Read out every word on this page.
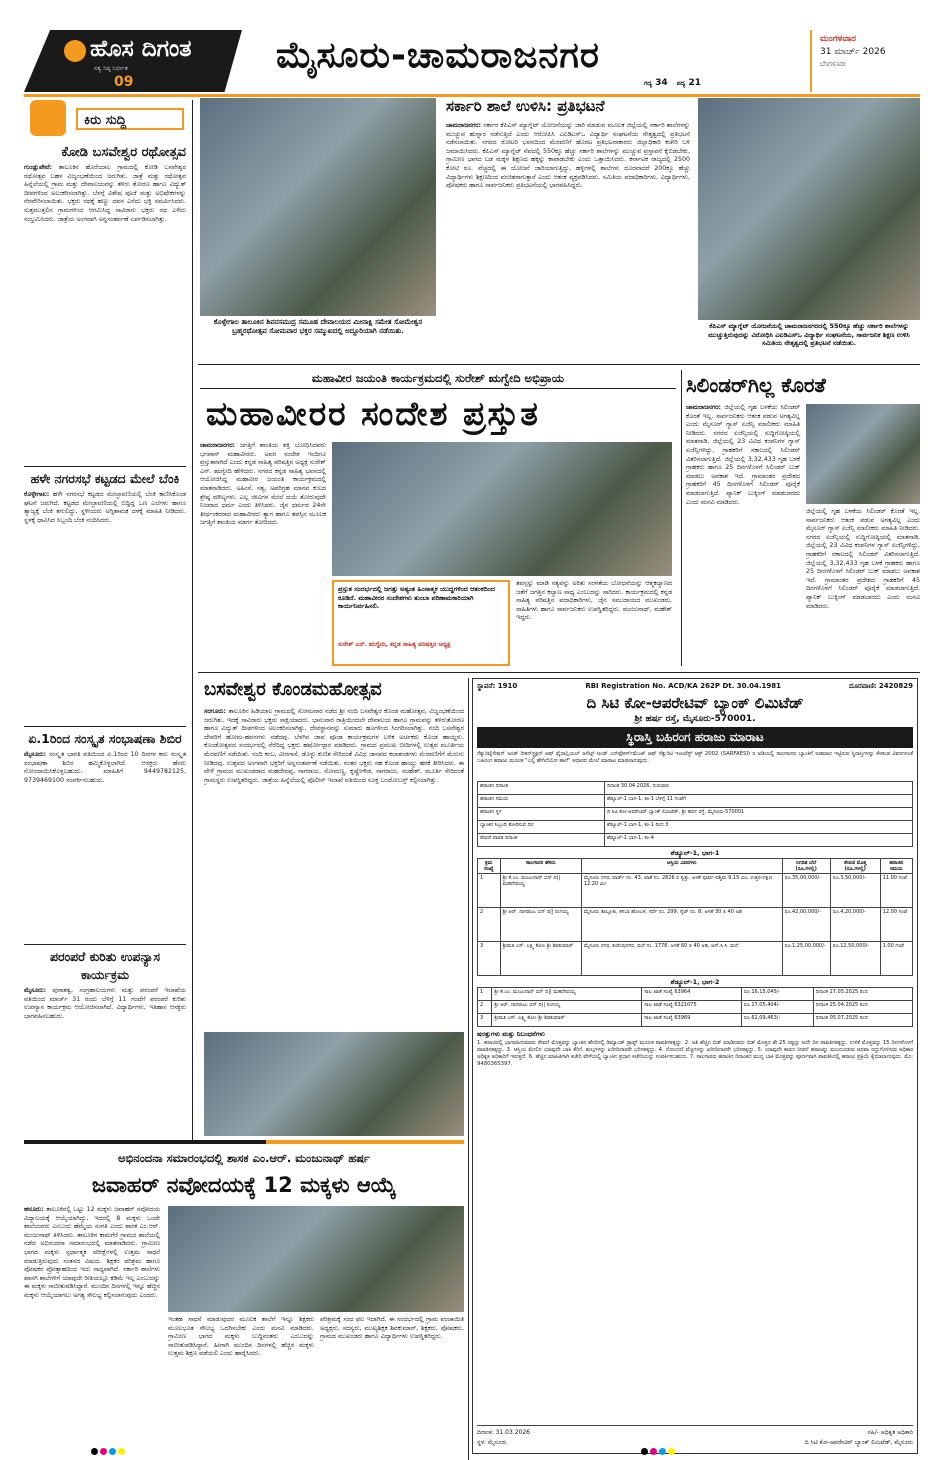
ಹೊಸ ದಿಗಂತ
ಸತ್ಯ ನಿಷ್ಠ ನಿರ್ಭೀತ
09
ಮೈಸೂರು-ಚಾಮರಾಜನಗರ
ಗದ್ಯ 34 ಪದ್ಯ 21
ಮಂಗಳವಾರ
31 ಮಾರ್ಚ್ 2026
ಬೆಂಗಳೂರು
ಕಿರು ಸುದ್ದಿ
ಕೋಡಿ ಬಸವೇಶ್ವರ ರಥೋತ್ಸವ
ಗುಂಡ್ಲುಪೇಟೆ: ತಾಲೂಕಿನ ಹೊರೆಯಾಲ ಗ್ರಾಮದಲ್ಲಿ ಕೋಡಿ ಬಸವೇಶ್ವರ ರಥೋತ್ಸವ ಬಹಳ ವಿಜೃಂಭಣೆಯಿಂದ ಜರುಗಿತು. ಜಾತ್ರೆ ಮತ್ತು ರಥೋತ್ಸವ ಹಿನ್ನೆಲೆಯಲ್ಲಿ ಗ್ರಾಮ ಮತ್ತು ದೇವಾಲಯವನ್ನು ತಳಿರು ತೋರಣ ಹಾಗೂ ವಿದ್ಯುತ್ ದೀಪಗಳಿಂದ ಅಲಂಕರಿಸಲಾಗಿತ್ತು. ಬೆಳಗ್ಗೆ ವಿಶೇಷ ಪೂಜೆ ಮತ್ತು ಅಭಿಷೇಕಗಳನ್ನು ನೆರವೇರಿಸಲಾಯಿತು. ಭಕ್ತರು ರಥಕ್ಕೆ ಹಣ್ಣು ದವನ ಎಸೆದು ಭಕ್ತಿ ಸಮರ್ಪಿಸಿದರು. ಸುತ್ತಮುತ್ತಲಿನ ಗ್ರಾಮಗಳಿಂದ ಆಗಮಿಸಿದ್ದ ಸಾವಿರಾರು ಭಕ್ತರು ರಥ ಎಳೆದು ಸಂಭ್ರಮಿಸಿದರು. ಜಾತ್ರೆಯ ಅಂಗವಾಗಿ ಅನ್ನಸಂತರ್ಪಣೆ ಏರ್ಪಡಿಸಲಾಗಿತ್ತು.
ಹಳೇ ನಗರಸಭೆ ಕಟ್ಟಡದ ಮೇಲೆ ಬೆಂಕಿ
ಕೊಳ್ಳೇಗಾಲ: ಹಳೇ ನಗರಸಭೆ ಕಟ್ಟಡದ ಮೇಲ್ಛಾವಣಿಯಲ್ಲಿ ಬೆಂಕಿ ಕಾಣಿಸಿಕೊಂಡ ಘಟನೆ ಜರುಗಿದೆ. ಕಟ್ಟಡದ ಮೇಲ್ಛಾವಣಿಯಲ್ಲಿ ಬಿದ್ದಿದ್ದ ಒಣ ಎಲೆಗಳು ಹಾಗೂ ತ್ಯಾಜ್ಯಕ್ಕೆ ಬೆಂಕಿ ತಗುಲಿದ್ದು, ಸ್ಥಳೀಯರು ಅಗ್ನಿಶಾಮಕ ದಳಕ್ಕೆ ಮಾಹಿತಿ ನೀಡಿದರು. ಸ್ಥಳಕ್ಕೆ ಧಾವಿಸಿದ ಸಿಬ್ಬಂದಿ ಬೆಂಕಿ ನಂದಿಸಿದರು.
ಏ.1ರಿಂದ ಸಂಸ್ಕೃತ ಸಂಭಾಷಣಾ ಶಿಬಿರ
ಮೈಸೂರು: ಸಂಸ್ಕೃತ ಭಾರತಿ ವತಿಯಿಂದ ಏ.1ರಿಂದ 10 ದಿನಗಳ ಕಾಲ ಸಂಸ್ಕೃತ ಸಂಭಾಷಣಾ ಶಿಬಿರ ಹಮ್ಮಿಕೊಳ್ಳಲಾಗಿದೆ. ಆಸಕ್ತರು ಹೆಸರು ನೋಂದಾಯಿಸಿಕೊಳ್ಳಬಹುದು. ಮಾಹಿತಿಗೆ 9449782125, 9739469100 ಸಂಪರ್ಕಿಸಬಹುದು.
ಪರಂಪರೆ ಕುರಿತು ಉಪನ್ಯಾಸ ಕಾರ್ಯಕ್ರಮ
ಮೈಸೂರು: ಪುರಾತತ್ವ, ಸಂಗ್ರಹಾಲಯಗಳು ಮತ್ತು ಪರಂಪರೆ ಇಲಾಖೆಯ ವತಿಯಿಂದ ಮಾರ್ಚ್ 31 ರಂದು ಬೆಳಿಗ್ಗೆ 11 ಗಂಟೆಗೆ ಪರಂಪರೆ ಕುರಿತು ಉಪನ್ಯಾಸ ಕಾರ್ಯಕ್ರಮ ಆಯೋಜಿಸಲಾಗಿದೆ. ವಿದ್ಯಾರ್ಥಿಗಳು, ಇತಿಹಾಸ ಆಸಕ್ತರು ಭಾಗವಹಿಸಬಹುದು.
ಕೊಳ್ಳೇಗಾಲ ತಾಲೂಕಿನ ಶಿವನಸಮುದ್ರ ಸಮೂಹ ದೇವಾಲಯದ ಮೀನಾಕ್ಷಿ ಸಮೇತ ಸೋಮೇಶ್ವರ ಬ್ರಹ್ಮರಥೋತ್ಸವ ಸೋಮವಾರ ಭಕ್ತರ ಸಮ್ಮುಖದಲ್ಲಿ ಅದ್ದೂರಿಯಾಗಿ ನಡೆಯಿತು.
ಸರ್ಕಾರಿ ಶಾಲೆ ಉಳಿಸಿ: ಪ್ರತಿಭಟನೆ
ಚಾಮರಾಜನಗರ: ಸರ್ಕಾರ ಕೆಪಿಎಸ್ ಮ್ಯಾಗ್ನೆಟ್ ಯೋಜನೆಯನ್ನು ಜಾರಿ ಮಾಡುವ ಮೂಲಕ ಜಿಲ್ಲೆಯಲ್ಲಿ ಸರ್ಕಾರಿ ಶಾಲೆಗಳನ್ನು ಮುಚ್ಚುವ ಹುನ್ನಾರ ನಡೆಸುತ್ತಿದೆ ಎಂದು ಆರೋಪಿಸಿ ಎಐಡಿಎಸ್ಒ ವಿದ್ಯಾರ್ಥಿ ಸಂಘಟನೆಯ ನೇತೃತ್ವದಲ್ಲಿ ಪ್ರತಿಭಟನೆ ನಡೆಸಲಾಯಿತು. ನಗರದ ರೋಟರಿ ಭವನದಿಂದ ಮೆರವಣಿಗೆ ಹೊರಟ ಪ್ರತಿಭಟನಾಕಾರರು ಜಿಲ್ಲಾಧಿಕಾರಿ ಕಚೇರಿ ಬಳಿ ಜಮಾಯಿಸಿದರು. ಕೆಪಿಎಸ್ ಮ್ಯಾಗ್ನೆಟ್ ನೆಪದಲ್ಲಿ 550ಕ್ಕೂ ಹೆಚ್ಚು ಸರ್ಕಾರಿ ಶಾಲೆಗಳನ್ನು ಮುಚ್ಚುವ ಪ್ರಸ್ತಾವನೆ ಕೈಬಿಡಬೇಕು, ಗ್ರಾಮೀಣ ಭಾಗದ ಬಡ ಮಕ್ಕಳ ಶಿಕ್ಷಣದ ಹಕ್ಕನ್ನು ಕಾಪಾಡಬೇಕು ಎಂದು ಒತ್ತಾಯಿಸಿದರು. ಕರ್ನಾಟಕ ರಾಜ್ಯದಲ್ಲಿ 2500 ಕೋಟಿ ರೂ. ವೆಚ್ಚದಲ್ಲಿ ಈ ಯೋಜನೆ ಜಾರಿಯಾಗುತ್ತಿದ್ದು, ಹಳ್ಳಿಗಳಲ್ಲಿ ಶಾಲೆಗಳು ದೂರವಾದರೆ 200ಕ್ಕೂ ಹೆಚ್ಚು ವಿದ್ಯಾರ್ಥಿಗಳು ಶಿಕ್ಷಣದಿಂದ ವಂಚಿತರಾಗುತ್ತಾರೆ ಎಂದು ಆತಂಕ ವ್ಯಕ್ತಪಡಿಸಿದರು. ಸಮಿತಿಯ ಪದಾಧಿಕಾರಿಗಳು, ವಿದ್ಯಾರ್ಥಿಗಳು, ಪೋಷಕರು ಹಾಗೂ ಸಾರ್ವಜನಿಕರು ಪ್ರತಿಭಟನೆಯಲ್ಲಿ ಭಾಗವಹಿಸಿದ್ದರು.
ಕೆಪಿಎಸ್ ಮ್ಯಾಗ್ನೆಟ್ ಯೋಜನೆಯಲ್ಲಿ ಚಾಮರಾಜನಗರದಲ್ಲಿ 550ಕ್ಕೂ ಹೆಚ್ಚು ಸರ್ಕಾರಿ ಶಾಲೆಗಳನ್ನು ಮುಚ್ಚುತ್ತಿರುವುದನ್ನು ವಿರೋಧಿಸಿ ಎಐಡಿಎಸ್ಒ ವಿದ್ಯಾರ್ಥಿ ಸಂಘಟನೆಯ, ಸಾರ್ವಜನಿಕ ಶಿಕ್ಷಣ ಉಳಿಸಿ ಸಮಿತಿಯ ನೇತೃತ್ವದಲ್ಲಿ ಪ್ರತಿಭಟನೆ ನಡೆಯಿತು.
ಮಹಾವೀರ ಜಯಂತಿ ಕಾರ್ಯಕ್ರಮದಲ್ಲಿ ಸುರೇಶ್ ಋಗ್ವೇದಿ ಅಭಿಪ್ರಾಯ
ಮಹಾವೀರರ ಸಂದೇಶ ಪ್ರಸ್ತುತ
ಚಾಮರಾಜನಗರ: ಜಗತ್ತಿಗೆ ಶಾಂತಿಯ ಶಕ್ತಿ ಬೋಧಿಸಿದವರು ಭಗವಾನ್ ಮಹಾವೀರರು. ಅವರ ಸಂದೇಶ ಇಂದಿಗೂ ಪ್ರಸ್ತುತವಾಗಿದೆ ಎಂದು ಕನ್ನಡ ಸಾಹಿತ್ಯ ಪರಿಷತ್ತಿನ ಅಧ್ಯಕ್ಷ ಸುರೇಶ್ ಎನ್. ಋಗ್ವೇದಿ ಹೇಳಿದರು. ನಗರದ ಕನ್ನಡ ಸಾಹಿತ್ಯ ಭವನದಲ್ಲಿ ಆಯೋಜಿಸಿದ್ದ ಮಹಾವೀರ ಜಯಂತಿ ಕಾರ್ಯಕ್ರಮದಲ್ಲಿ ಮಾತನಾಡಿದರು. ಅಹಿಂಸೆ, ಸತ್ಯ, ಅಪರಿಗ್ರಹ ಮಾನವ ಕುಲದ ಶ್ರೇಷ್ಠ ಮೌಲ್ಯಗಳು. ಎಲ್ಲ ಜೀವಿಗಳ ಮೇಲೆ ದಯೆ ತೋರುವುದೇ ನಿಜವಾದ ಧರ್ಮ ಎಂದು ತಿಳಿಸಿದರು. ಜೈನ ಧರ್ಮದ 24ನೇ ತೀರ್ಥಂಕರರಾದ ಮಹಾವೀರರು ತ್ಯಾಗ ಹಾಗೂ ತಪಸ್ಸಿನ ಮೂಲಕ ಜಗತ್ತಿಗೆ ಶಾಂತಿಯ ಮಾರ್ಗ ತೋರಿದರು.
ಪ್ರಸ್ತುತ ಸಂದರ್ಭದಲ್ಲಿ ಜಗತ್ತು ಅತ್ಯಂತ ಹಿಂಸಾತ್ಮಕ ಯುದ್ಧಗಳಿಂದ ಆತಂಕದಿಂದ ಕೂಡಿದೆ. ಮಹಾವೀರರ ಸಂದೇಶಗಳು ತುಂಬಾ ಪರಿಣಾಮಕಾರಿಯಾಗಿ ಕಾರ್ಯನಿರ್ವಹಿಸಲಿ.
ಸುರೇಶ್ ಎನ್. ಋಗ್ವೇದಿ, ಕನ್ನಡ ಸಾಹಿತ್ಯ ಪರಿಷತ್ತಿನ ಅಧ್ಯಕ್ಷ
ತಪಸ್ಸನ್ನು ಮಾಡಿ ಸತ್ಯವನ್ನು ಅರಿತು ಸರಳತೆಯ ಬೋಧನೆಯನ್ನು ಆತ್ಮಕಲ್ಯಾಣದ ಜತೆಗೆ ಜಗತ್ತಿನ ಕಲ್ಯಾಣ ಸಾಧ್ಯ ಎಂಬುದನ್ನು ಸಾರಿದರು. ಕಾರ್ಯಕ್ರಮದಲ್ಲಿ ಕನ್ನಡ ಸಾಹಿತ್ಯ ಪರಿಷತ್ತಿನ ಪದಾಧಿಕಾರಿಗಳು, ಜೈನ ಸಮುದಾಯದ ಮುಖಂಡರು, ಸಾಹಿತಿಗಳು ಹಾಗೂ ಸಾರ್ವಜನಿಕರು ಉಪಸ್ಥಿತರಿದ್ದರು. ಮಂಜುನಾಥ್, ಮಹೇಶ್ ಇದ್ದರು.
ಸಿಲಿಂಡರ್‌ಗಿಲ್ಲ ಕೊರತೆ
ಚಾಮರಾಜನಗರ: ಜಿಲ್ಲೆಯಲ್ಲಿ ಗೃಹ ಬಳಕೆಯ ಸಿಲಿಂಡರ್ ಕೊರತೆ ಇಲ್ಲ. ಸಾರ್ವಜನಿಕರು ಆತಂಕ ಪಡುವ ಅಗತ್ಯವಿಲ್ಲ ಎಂದು ಮೈಸೂರ್ ಗ್ಯಾಸ್ ಏಜೆನ್ಸಿ ಮಾಲೀಕರು ಮಾಹಿತಿ ನೀಡಿದರು. ನಗರದ ಏಜೆನ್ಸಿಯಲ್ಲಿ ಸುದ್ದಿಗೋಷ್ಠಿಯಲ್ಲಿ ಮಾತನಾಡಿ, ಜಿಲ್ಲೆಯಲ್ಲಿ 23 ವಿವಿಧ ಕಂಪನಿಗಳ ಗ್ಯಾಸ್ ಏಜೆನ್ಸಿಗಳಿದ್ದು, ಗ್ರಾಹಕರಿಗೆ ಸಕಾಲದಲ್ಲಿ ಸಿಲಿಂಡರ್ ವಿತರಿಸಲಾಗುತ್ತಿದೆ. ಜಿಲ್ಲೆಯಲ್ಲಿ 3,32,433 ಗೃಹ ಬಳಕೆ ಗ್ರಾಹಕರು ಹಾಗೂ 25 ದಿನಗಳೊಳಗೆ ಸಿಲಿಂಡರ್ ಬುಕ್ ಮಾಡಲು ಅವಕಾಶ ಇದೆ. ಗ್ರಾಮಾಂತರ ಪ್ರದೇಶದ ಗ್ರಾಹಕರಿಗೆ 45 ದಿನಗಳೊಳಗೆ ಸಿಲಿಂಡರ್ ಪೂರೈಕೆ ಮಾಡಲಾಗುತ್ತಿದೆ. ಪ್ಯಾನಿಕ್ ಬುಕ್ಕಿಂಗ್ ಮಾಡಬಾರದು ಎಂದು ಮನವಿ ಮಾಡಿದರು.
ಜಿಲ್ಲೆಯಲ್ಲಿ ಗೃಹ ಬಳಕೆಯ ಸಿಲಿಂಡರ್ ಕೊರತೆ ಇಲ್ಲ. ಸಾರ್ವಜನಿಕರು ಆತಂಕ ಪಡುವ ಅಗತ್ಯವಿಲ್ಲ ಎಂದು ಮೈಸೂರ್ ಗ್ಯಾಸ್ ಏಜೆನ್ಸಿ ಮಾಲೀಕರು ಮಾಹಿತಿ ನೀಡಿದರು. ನಗರದ ಏಜೆನ್ಸಿಯಲ್ಲಿ ಸುದ್ದಿಗೋಷ್ಠಿಯಲ್ಲಿ ಮಾತನಾಡಿ, ಜಿಲ್ಲೆಯಲ್ಲಿ 23 ವಿವಿಧ ಕಂಪನಿಗಳ ಗ್ಯಾಸ್ ಏಜೆನ್ಸಿಗಳಿದ್ದು, ಗ್ರಾಹಕರಿಗೆ ಸಕಾಲದಲ್ಲಿ ಸಿಲಿಂಡರ್ ವಿತರಿಸಲಾಗುತ್ತಿದೆ. ಜಿಲ್ಲೆಯಲ್ಲಿ 3,32,433 ಗೃಹ ಬಳಕೆ ಗ್ರಾಹಕರು ಹಾಗೂ 25 ದಿನಗಳೊಳಗೆ ಸಿಲಿಂಡರ್ ಬುಕ್ ಮಾಡಲು ಅವಕಾಶ ಇದೆ. ಗ್ರಾಮಾಂತರ ಪ್ರದೇಶದ ಗ್ರಾಹಕರಿಗೆ 45 ದಿನಗಳೊಳಗೆ ಸಿಲಿಂಡರ್ ಪೂರೈಕೆ ಮಾಡಲಾಗುತ್ತಿದೆ. ಪ್ಯಾನಿಕ್ ಬುಕ್ಕಿಂಗ್ ಮಾಡಬಾರದು ಎಂದು ಮನವಿ ಮಾಡಿದರು.
ಬಸವೇಶ್ವರ ಕೊಂಡಮಹೋತ್ಸವ
ಸರಗೂರು: ತಾಲೂಕಿನ ಹಿಡಿಯಾಲ ಗ್ರಾಮದಲ್ಲಿ ಸೋಮವಾರ ನಡೆದ ಶ್ರೀ ನಂದಿ ಬಸವೇಶ್ವರ ಕೊಂಡ ಮಹೋತ್ಸವ, ವಿಜೃಂಭಣೆಯಿಂದ ಜರುಗಿತು. ಇದಕ್ಕೆ ಸಾವಿರಾರು ಭಕ್ತರು ಸಾಕ್ಷಿಯಾದರು. ಭಾನುವಾರ ರಾತ್ರಿಯಿಂದಲೇ ದೇವಾಲಯ ಹಾಗೂ ಗ್ರಾಮವನ್ನು ತಳಿರುತೋರಣ ಹಾಗೂ ವಿದ್ಯುತ್ ದೀಪಗಳಿಂದ ಅಲಂಕರಿಸಲಾಗಿತ್ತು. ದೇವಸ್ಥಾನವನ್ನು ಸುಮಾರು ಹೂಗಳಿಂದ ಸಿಂಗರಿಸಲಾಗಿತ್ತು. ನಂದಿ ಬಸವೇಶ್ವರ ದೇವರಿಗೆ ಹೋಮ-ಹವನಗಳು ನಡೆದವು. ಬೆಳಗಿನ ಜಾವ ಪೂಜಾ ಕಾರ್ಯಕ್ರಮಗಳ ಬಳಿಕ ಅರ್ಚಕರು ಕೊಂಡ ಹಾಯ್ದರು. ಕೊಂಡೋತ್ಸವದ ಸಂದರ್ಭದಲ್ಲಿ ನೆರೆದಿದ್ದ ಭಕ್ತರು ಹರ್ಷೋದ್ಗಾರ ಮಾಡಿದರು. ಗ್ರಾಮದ ಪ್ರಮುಖ ಬೀದಿಗಳಲ್ಲಿ ಉತ್ಸವ ಮೂರ್ತಿಯ ಮೆರವಣಿಗೆ ನಡೆಯಿತು. ನಂದಿ ಕಂಬ, ವೀರಗಾಸೆ, ಡೊಳ್ಳು ಕುಣಿತ ಸೇರಿದಂತೆ ವಿವಿಧ ಜಾನಪದ ಕಲಾತಂಡಗಳು ಮೆರವಣಿಗೆಗೆ ಮೆರುಗು ನೀಡಿದವು. ಉತ್ಸವದ ಅಂಗವಾಗಿ ಭಕ್ತರಿಗೆ ಅನ್ನಸಂತರ್ಪಣೆ ನಡೆಯಿತು. ನಂತರ ಭಕ್ತರು ಸಹ ಕೊಂಡ ಹಾಯ್ದು ಹರಕೆ ತೀರಿಸಿದರು. ಈ ವೇಳೆ ಗ್ರಾಮದ ಮುಖಂಡರಾದ ಮಹದೇವಪ್ಪ, ನಾಗರಾಜು, ಸೋಮಣ್ಣ, ಕೃಷ್ಣೇಗೌಡ, ನಾಗರಾಜು, ಮಹೇಶ್, ಮೂರ್ತಿ ಸೇರಿದಂತೆ ಗ್ರಾಮಸ್ಥರು ಉಪಸ್ಥಿತರಿದ್ದರು. ಜಾತ್ರೆಯ ಹಿನ್ನೆಲೆಯಲ್ಲಿ ಪೊಲೀಸ್ ಇಲಾಖೆ ವತಿಯಿಂದ ಸೂಕ್ತ ಬಂದೋಬಸ್ತ್ ಕಲ್ಪಿಸಲಾಗಿತ್ತು.
ಸ್ಥಾಪನೆ: 1910	RBI Registration No. ACD/KA 262P Dt. 30.04.1981	ದೂರವಾಣಿ: 2420829
ದಿ ಸಿಟಿ ಕೋ-ಆಪರೇಟಿವ್ ಬ್ಯಾಂಕ್ ಲಿಮಿಟೆಡ್
ಶ್ರೀ ಹರ್ಷ ರಸ್ತೆ, ಮೈಸೂರು-570001.
ಸ್ಥಿರಾಸ್ತಿ ಬಹಿರಂಗ ಹರಾಜು ಮಾರಾಟ
ಸೆಕ್ಯುರಿಟೈಸೇಷನ್ ಅಂಡ್ ರೀಕನ್‌ಸ್ಟ್ರಕ್ಷನ್ ಆಫ್ ಫೈನಾನ್ಷಿಯಲ್ ಅಸೆಟ್ಸ್ ಅಂಡ್ ಎನ್‌ಫೋರ್ಸ್‌ಮೆಂಟ್ ಆಫ್ ಸೆಕ್ಯುರಿಟಿ ಇಂಟರೆಸ್ಟ್ ಆಕ್ಟ್ 2002 (SARFAESI) ರ ಅಡಿಯಲ್ಲಿ ಸಾಲಗಾರರು ಬ್ಯಾಂಕಿಗೆ ಅಡಮಾನ ಇಟ್ಟಿರುವ ಸ್ಥಿರಾಸ್ತಿಗಳನ್ನು ಕೆಳಕಂಡ ವಿವರಗಳಂತೆ ಬಹಿರಂಗ ಹರಾಜು ಮೂಲಕ "ಎಲ್ಲಿ ಹೇಗಿದೆಯೋ ಹಾಗೆ" ಆಧಾರದ ಮೇಲೆ ಮಾರಾಟ ಮಾಡಲಾಗುವುದು.
ಹರಾಜಿನ ದಿನಾಂಕ	ದಿನಾಂಕ 30.04.2026, ಗುರುವಾರ
ಹರಾಜಿನ ಸಮಯ	ಶೆಡ್ಯೂಲ್-1 ಭಾಗ-1, ಕಂ-1 ಬೆಳಿಗ್ಗೆ 11 ಗಂಟೆಗೆ
ಹರಾಜಿನ ಸ್ಥಳ	ದಿ ಸಿಟಿ ಕೋ-ಆಪರೇಟಿವ್ ಬ್ಯಾಂಕ್ ಲಿಮಿಟೆಡ್, ಶ್ರೀ ಹರ್ಷ ರಸ್ತೆ, ಮೈಸೂರು-570001
ಬ್ಯಾಂಕಿನ ಸಿಬ್ಬಂದಿ ತೋರಿಸುವ ದಿನ	ಶೆಡ್ಯೂಲ್-1 ಭಾಗ-1, ಕಂ-1 ರಿಂದ 3
ಠೇವಣಿ ಪಾವತಿ ದಿನಾಂಕ	ಶೆಡ್ಯೂಲ್-1 ಭಾಗ-1, ಕಂ-4
ಶೆಡ್ಯೂಲ್-1, ಭಾಗ-1
ಕ್ರಮ ಸಂಖ್ಯೆ	ಸಾಲಗಾರರ ಹೆಸರು	ಆಸ್ತಿಯ ವಿವರಗಳು	ನಿಗದಿತ ಬೆಲೆ (ರೂ.ಗಳಲ್ಲಿ)	ಠೇವಣಿ ಮೊತ್ತ (ರೂ.ಗಳಲ್ಲಿ)	ಹರಾಜಿನ ಸಮಯ
1	ಶ್ರೀ ಕೆ.ಎಂ. ಮಂಜುನಾಥ್ ಬಿನ್ ದಿ|| ಮಹದೇವಯ್ಯ	ಮೈಸೂರು ನಗರ, ವಾರ್ಡ್ ನಂ. 43, ಖಾತೆ ನಂ. 2826 ರ ಸ್ವತ್ತು, ಅಳತೆ ಪೂರ್ವ-ಪಶ್ಚಿಮ 9.15 ಮೀ, ಉತ್ತರ-ದಕ್ಷಿಣ 12.20 ಮೀ	ರೂ.35,00,000/-	ರೂ.3,50,000/-	11.00 ಗಂಟೆ
2	ಶ್ರೀ ಆರ್. ನಾಗರಾಜು ಬಿನ್ ದಿ|| ರಂಗಯ್ಯ	ಮೈಸೂರು ತಾಲ್ಲೂಕು, ಕಸಬಾ ಹೋಬಳಿ, ಸರ್ವೆ ನಂ. 299, ಸೈಟ್ ನಂ. 8, ಅಳತೆ 30 x 40 ಅಡಿ	ರೂ.42,00,000/-	ರೂ.4,20,000/-	12.00 ಗಂಟೆ
3	ಶ್ರೀಮತಿ ಎಸ್. ಲಕ್ಷ್ಮಿ ಕೋಂ ಶ್ರೀ ಶಿವಕುಮಾರ್	ಮೈಸೂರು ನಗರ, ಕುವೆಂಪುನಗರ, ಮನೆ ನಂ. 1778, ಅಳತೆ 60 x 40 ಅಡಿ, ಆರ್.ಸಿ.ಸಿ. ಮನೆ	ರೂ.1,25,00,000/-	ರೂ.12,50,000/-	1.00 ಗಂಟೆ
ಶೆಡ್ಯೂಲ್-1, ಭಾಗ-2
1	ಶ್ರೀ ಕೆ.ಎಂ. ಮಂಜುನಾಥ್ ಬಿನ್ ದಿ|| ಮಹದೇವಯ್ಯ	ಸಾಲ ಖಾತೆ ಸಂಖ್ಯೆ 63964	ರೂ.16,15,045/-	ದಿನಾಂಕ 27.05.2025 ರಿಂದ
2	ಶ್ರೀ ಆರ್. ನಾಗರಾಜು ಬಿನ್ ದಿ|| ರಂಗಯ್ಯ	ಸಾಲ ಖಾತೆ ಸಂಖ್ಯೆ 6321075	ರೂ.17,05,404/-	ದಿನಾಂಕ 25.04.2025 ರಿಂದ
3	ಶ್ರೀಮತಿ ಎಸ್. ಲಕ್ಷ್ಮಿ ಕೋಂ ಶ್ರೀ ಶಿವಕುಮಾರ್	ಸಾಲ ಖಾತೆ ಸಂಖ್ಯೆ 63969	ರೂ.62,09,463/-	ದಿನಾಂಕ 05.07.2025 ರಿಂದ
ಷರತ್ತುಗಳು ಮತ್ತು ನಿಬಂಧನೆಗಳು
1. ಹರಾಜಿನಲ್ಲಿ ಭಾಗವಹಿಸುವವರು ಠೇವಣಿ ಮೊತ್ತವನ್ನು ಬ್ಯಾಂಕಿನ ಹೆಸರಿನಲ್ಲಿ ಡಿಮ್ಯಾಂಡ್ ಡ್ರಾಫ್ಟ್ ಮೂಲಕ ಪಾವತಿಸತಕ್ಕದ್ದು. 2. ಅತಿ ಹೆಚ್ಚಿನ ಬಿಡ್ ಮಾಡಿದವರು ಬಿಡ್ ಮೊತ್ತದ ಶೇ.25 ರಷ್ಟನ್ನು ಅದೇ ದಿನ ಪಾವತಿಸತಕ್ಕದ್ದು. ಉಳಿಕೆ ಮೊತ್ತವನ್ನು 15 ದಿನಗಳೊಳಗೆ ಪಾವತಿಸತಕ್ಕದ್ದು. 3. ಆಸ್ತಿಯ ಮೇಲಿನ ಯಾವುದೇ ಬಾಕಿ ತೆರಿಗೆ, ಶುಲ್ಕಗಳನ್ನು ಖರೀದಿದಾರರೇ ಭರಿಸತಕ್ಕದ್ದು. 4. ನೋಂದಣಿ ವೆಚ್ಚಗಳನ್ನು ಖರೀದಿದಾರರೇ ಭರಿಸತಕ್ಕದ್ದು. 5. ಯಾವುದೇ ಕಾರಣ ನೀಡದೆ ಹರಾಜನ್ನು ಮುಂದೂಡುವ ಅಥವಾ ರದ್ದುಗೊಳಿಸುವ ಅಧಿಕಾರ ಅಧಿಕೃತ ಅಧಿಕಾರಿಗೆ ಇರುತ್ತದೆ. 6. ಹೆಚ್ಚಿನ ಮಾಹಿತಿಗಾಗಿ ಕಚೇರಿ ವೇಳೆಯಲ್ಲಿ ಬ್ಯಾಂಕಿನ ಪ್ರಧಾನ ಕಚೇರಿಯನ್ನು ಸಂಪರ್ಕಿಸಬಹುದು. 7. ಸಾಲಗಾರರು ಹರಾಜಿನ ದಿನಾಂಕದ ಮುನ್ನ ಬಾಕಿ ಮೊತ್ತವನ್ನು ಪೂರ್ಣವಾಗಿ ಪಾವತಿಸಿದಲ್ಲಿ ಹರಾಜು ಪ್ರಕ್ರಿಯೆ ಕೈಬಿಡಲಾಗುವುದು. ಮೊ: 9480365397.
ದಿನಾಂಕ: 31.03.2026
ಸ್ಥಳ: ಮೈಸೂರು
ಸಹಿ/- ಅಧಿಕೃತ ಅಧಿಕಾರಿ
ದಿ ಸಿಟಿ ಕೋ-ಆಪರೇಟಿವ್ ಬ್ಯಾಂಕ್ ಲಿಮಿಟೆಡ್, ಮೈಸೂರು
ಅಭಿನಂದನಾ ಸಮಾರಂಭದಲ್ಲಿ ಶಾಸಕ ಎಂ.ಆರ್. ಮಂಜುನಾಥ್ ಹರ್ಷ
ಜವಾಹರ್ ನವೋದಯಕ್ಕೆ 12 ಮಕ್ಕಳು ಆಯ್ಕೆ
ಹನೂರು: ತಾಲೂಕಿನಲ್ಲಿ ಒಟ್ಟು 12 ಮಕ್ಕಳು ಜವಾಹರ್ ನವೋದಯ ವಿದ್ಯಾಲಯಕ್ಕೆ ಆಯ್ಕೆಯಾಗಿದ್ದು, ಇದರಲ್ಲಿ 8 ಮಕ್ಕಳು ಒಂದೇ ಶಾಲೆಯವರು ಎಂಬುದು ಹೆಮ್ಮೆಯ ಸಂಗತಿ ಎಂದು ಶಾಸಕ ಎಂ.ಆರ್. ಮಂಜುನಾಥ್ ತಿಳಿಸಿದರು. ತಾಲೂಕಿನ ಕಾಮಗೆರೆ ಗ್ರಾಮದ ಶಾಲೆಯಲ್ಲಿ ನಡೆದ ಅಭಿನಂದನಾ ಸಮಾರಂಭದಲ್ಲಿ ಮಾತನಾಡಿದರು. ಗ್ರಾಮೀಣ ಭಾಗದ ಮಕ್ಕಳು ಸ್ಪರ್ಧಾತ್ಮಕ ಪರೀಕ್ಷೆಗಳಲ್ಲಿ ಉತ್ತಮ ಸಾಧನೆ ಮಾಡುತ್ತಿರುವುದು ಸಂತಸದ ವಿಷಯ. ಶಿಕ್ಷಕರ ಪರಿಶ್ರಮ ಹಾಗೂ ಪೋಷಕರ ಪ್ರೋತ್ಸಾಹದಿಂದ ಇದು ಸಾಧ್ಯವಾಗಿದೆ. ಸರ್ಕಾರಿ ಶಾಲೆಗಳು ಖಾಸಗಿ ಶಾಲೆಗಳಿಗೆ ಯಾವುದೇ ರೀತಿಯಲ್ಲೂ ಕಡಿಮೆ ಇಲ್ಲ ಎಂಬುದನ್ನು ಈ ಮಕ್ಕಳು ಸಾಬೀತುಪಡಿಸಿದ್ದಾರೆ. ಮುಂದಿನ ದಿನಗಳಲ್ಲಿ ಇನ್ನೂ ಹೆಚ್ಚಿನ ಮಕ್ಕಳು ಆಯ್ಕೆಯಾಗಲು ಅಗತ್ಯ ಸೌಲಭ್ಯ ಕಲ್ಪಿಸಲಾಗುವುದು ಎಂದರು.
ಇಂತಹ ಸಾಧನೆ ಮಾಡುವುದರ ಮೂಲಕ ಶಾಲೆಗೆ ಇನ್ನೂ ಶಿಕ್ಷಕರು ಮೂಲಭೂತ ಸೌಲಭ್ಯ ಒದಗಿಸಬೇಕು ಎಂದು ಮನವಿ ಮಾಡಿದರು. ಗ್ರಾಮೀಣ ಭಾಗದ ಮಕ್ಕಳು ಬುದ್ಧಿವಂತರು ಎಂಬುದನ್ನು ಸಾಬೀತುಪಡಿಸಿದ್ದಾರೆ. ಹೀಗಾಗಿ ಮುಂದಿನ ದಿನಗಳಲ್ಲಿ ಹೆಚ್ಚಿನ ಮಕ್ಕಳು ಉತ್ತಮ ಶಿಕ್ಷಣ ಪಡೆಯಲಿ ಎಂದು ಹಾರೈಸಿದರು.
ಪರಿಶ್ರಮಕ್ಕೆ ಸಂದ ಫಲ ಇದಾಗಿದೆ. ಈ ಸಂದರ್ಭದಲ್ಲಿ ಗ್ರಾಮ ಪಂಚಾಯಿತಿ ಅಧ್ಯಕ್ಷರು, ಸದಸ್ಯರು, ಮುಖ್ಯಶಿಕ್ಷಕ ಶಿವಕುಮಾರ್, ಶಿಕ್ಷಕರು, ಪೋಷಕರು, ಗ್ರಾಮದ ಮುಖಂಡರು ಹಾಗೂ ವಿದ್ಯಾರ್ಥಿಗಳು ಉಪಸ್ಥಿತರಿದ್ದರು.
